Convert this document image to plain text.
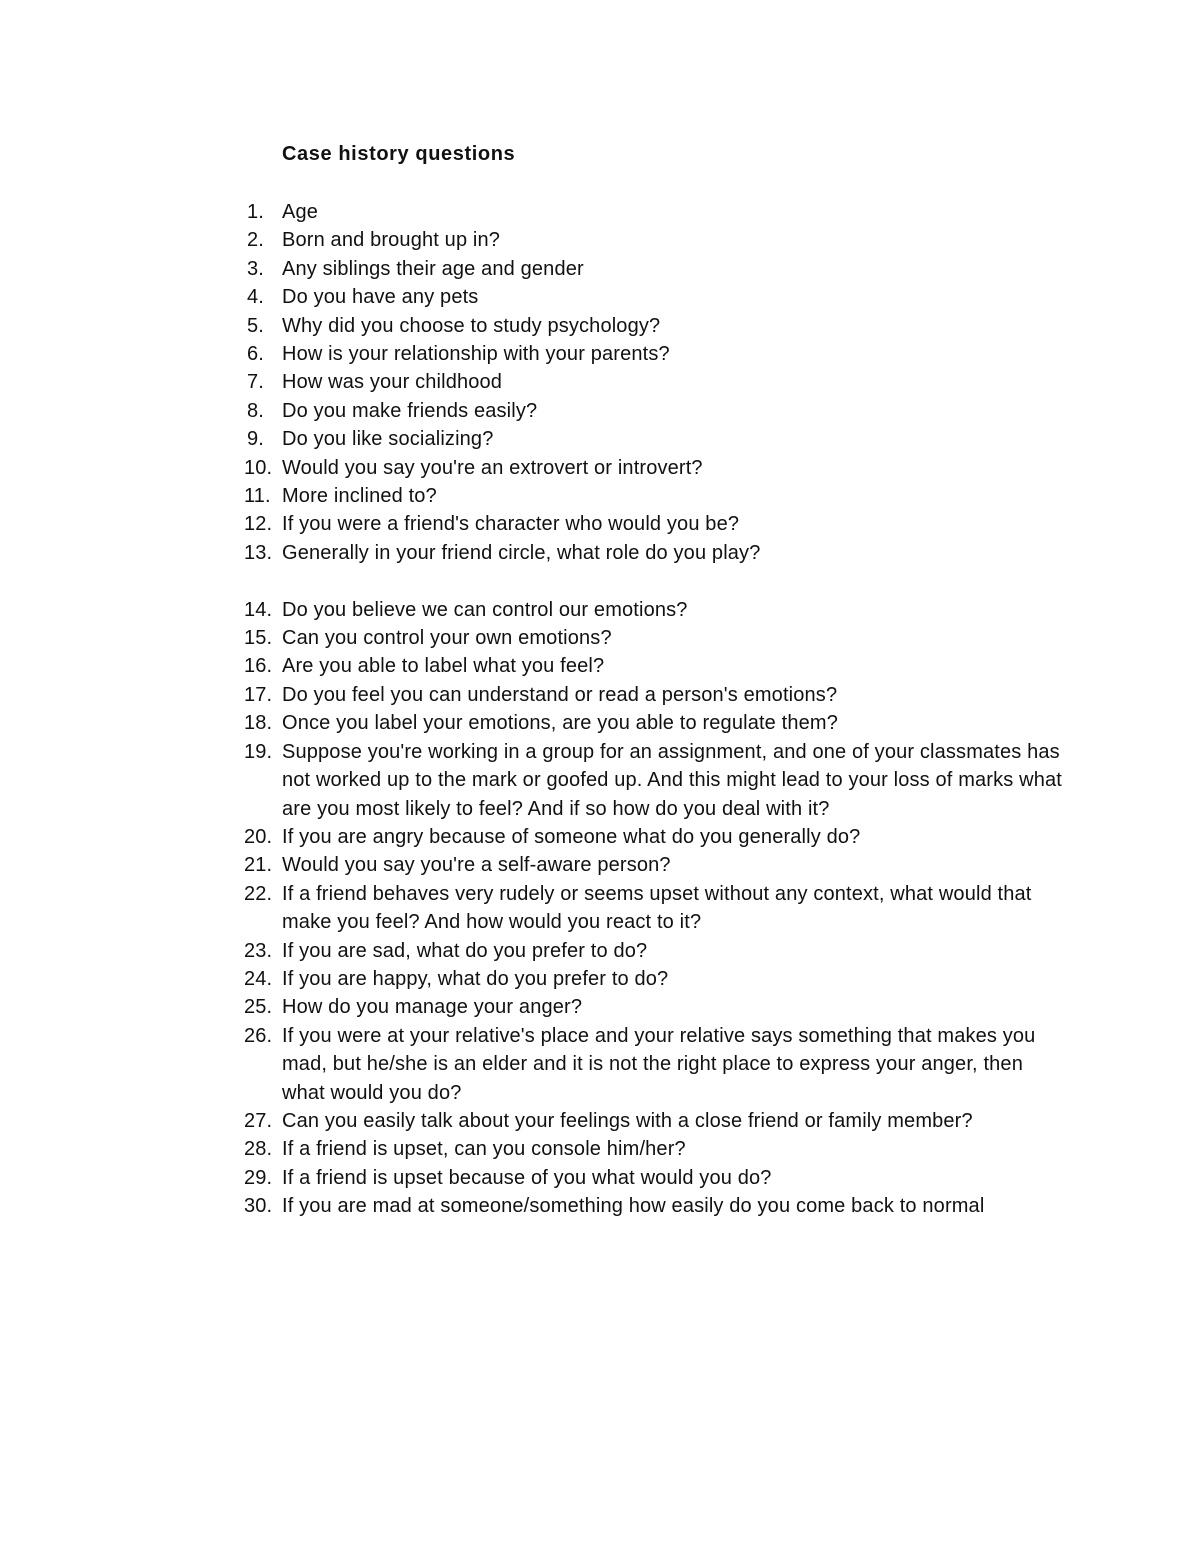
Case history questions
1. Age
2. Born and brought up in?
3. Any siblings their age and gender
4. Do you have any pets
5. Why did you choose to study psychology?
6. How is your relationship with your parents?
7. How was your childhood
8. Do you make friends easily?
9. Do you like socializing?
10. Would you say you're an extrovert or introvert?
11. More inclined to?
12. If you were a friend's character who would you be?
13. Generally in your friend circle, what role do you play?
14. Do you believe we can control our emotions?
15. Can you control your own emotions?
16. Are you able to label what you feel?
17. Do you feel you can understand or read a person's emotions?
18. Once you label your emotions, are you able to regulate them?
19. Suppose you're working in a group for an assignment, and one of your classmates has not worked up to the mark or goofed up. And this might lead to your loss of marks what are you most likely to feel? And if so how do you deal with it?
20. If you are angry because of someone what do you generally do?
21. Would you say you're a self-aware person?
22. If a friend behaves very rudely or seems upset without any context, what would that make you feel? And how would you react to it?
23. If you are sad, what do you prefer to do?
24. If you are happy, what do you prefer to do?
25. How do you manage your anger?
26. If you were at your relative's place and your relative says something that makes you mad, but he/she is an elder and it is not the right place to express your anger, then what would you do?
27. Can you easily talk about your feelings with a close friend or family member?
28. If a friend is upset, can you console him/her?
29. If a friend is upset because of you what would you do?
30. If you are mad at someone/something how easily do you come back to normal
